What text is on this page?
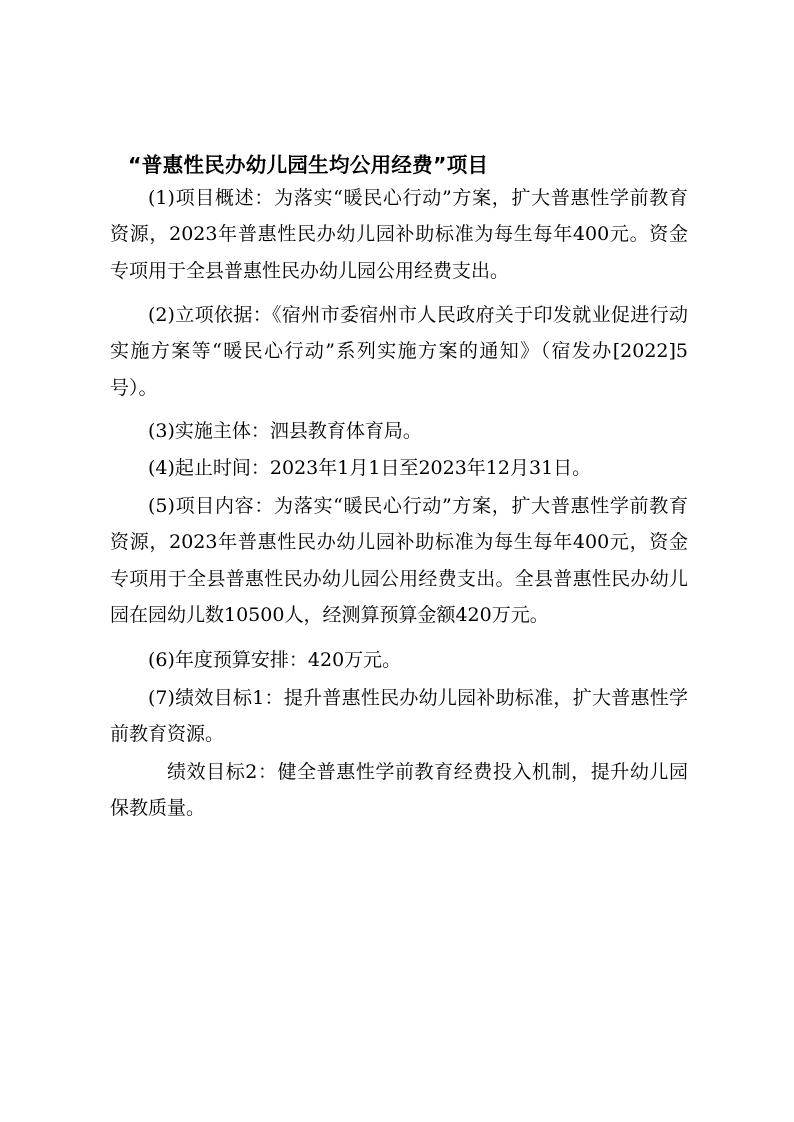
“普惠性民办幼儿园生均公用经费”项目

(1)项目概述：为落实“暖民心行动”方案，扩大普惠性学前教育资源，2023年普惠性民办幼儿园补助标准为每生每年400元。资金专项用于全县普惠性民办幼儿园公用经费支出。

(2)立项依据：《宿州市委宿州市人民政府关于印发就业促进行动实施方案等“暖民心行动”系列实施方案的通知》（宿发办[2022]5号）。

(3)实施主体：泗县教育体育局。

(4)起止时间：2023年1月1日至2023年12月31日。

(5)项目内容：为落实“暖民心行动”方案，扩大普惠性学前教育资源，2023年普惠性民办幼儿园补助标准为每生每年400元，资金专项用于全县普惠性民办幼儿园公用经费支出。全县普惠性民办幼儿园在园幼儿数10500人，经测算预算金额420万元。

(6)年度预算安排：420万元。

(7)绩效目标1：提升普惠性民办幼儿园补助标准，扩大普惠性学前教育资源。

绩效目标2：健全普惠性学前教育经费投入机制，提升幼儿园保教质量。
